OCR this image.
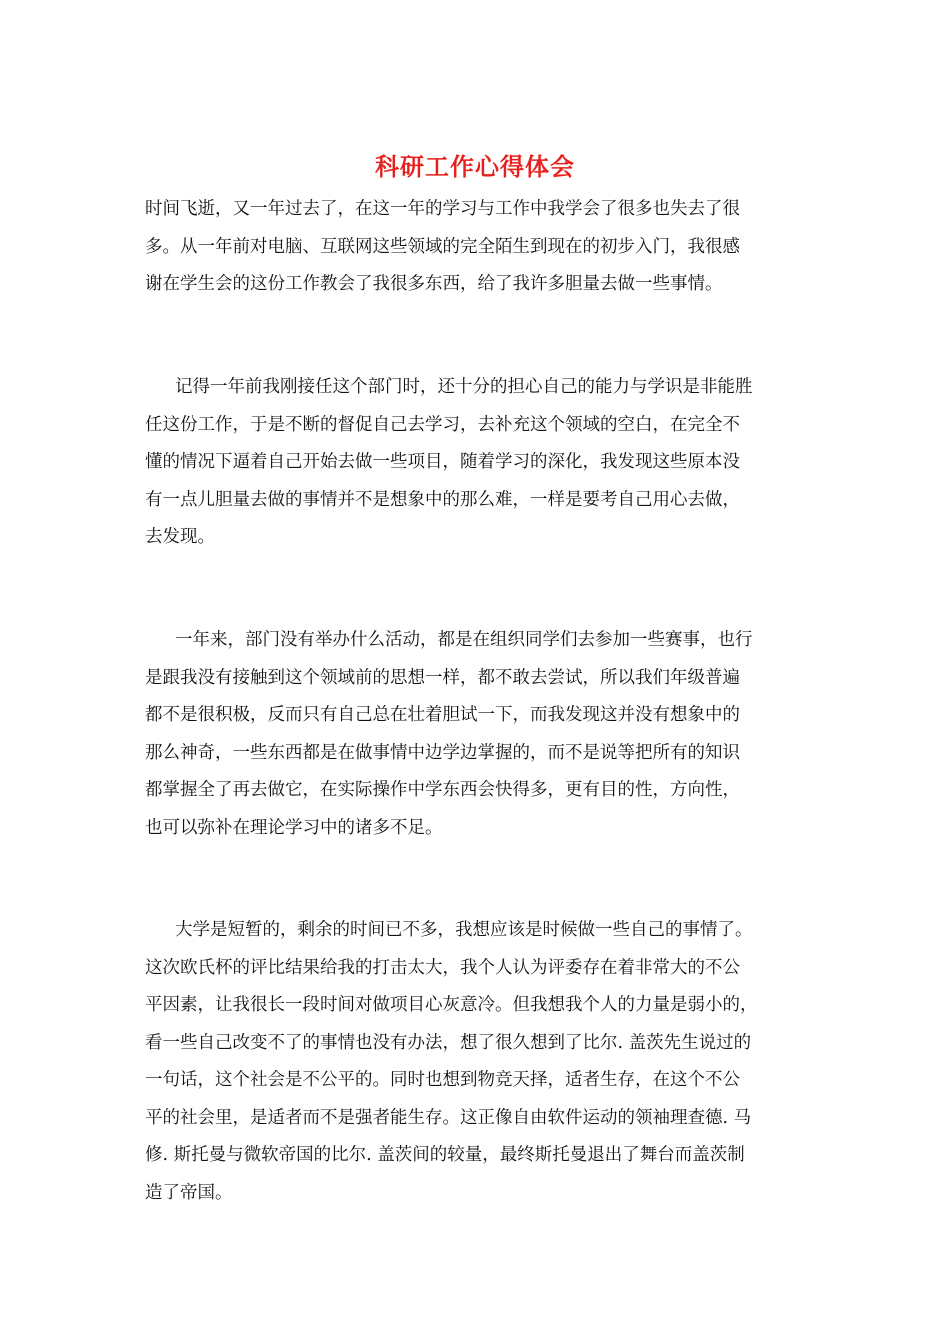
科研工作心得体会
时间飞逝，又一年过去了，在这一年的学习与工作中我学会了很多也失去了很
多。从一年前对电脑、互联网这些领域的完全陌生到现在的初步入门，我很感
谢在学生会的这份工作教会了我很多东西，给了我许多胆量去做一些事情。
记得一年前我刚接任这个部门时，还十分的担心自己的能力与学识是非能胜
任这份工作，于是不断的督促自己去学习，去补充这个领域的空白，在完全不
懂的情况下逼着自己开始去做一些项目，随着学习的深化，我发现这些原本没
有一点儿胆量去做的事情并不是想象中的那么难，一样是要考自己用心去做，
去发现。
一年来，部门没有举办什么活动，都是在组织同学们去参加一些赛事，也行
是跟我没有接触到这个领域前的思想一样，都不敢去尝试，所以我们年级普遍
都不是很积极，反而只有自己总在壮着胆试一下，而我发现这并没有想象中的
那么神奇，一些东西都是在做事情中边学边掌握的，而不是说等把所有的知识
都掌握全了再去做它，在实际操作中学东西会快得多，更有目的性，方向性，
也可以弥补在理论学习中的诸多不足。
大学是短暂的，剩余的时间已不多，我想应该是时候做一些自己的事情了。
这次欧氏杯的评比结果给我的打击太大，我个人认为评委存在着非常大的不公
平因素，让我很长一段时间对做项目心灰意冷。但我想我个人的力量是弱小的，
看一些自己改变不了的事情也没有办法，想了很久想到了比尔. 盖茨先生说过的
一句话，这个社会是不公平的。同时也想到物竞天择，适者生存，在这个不公
平的社会里，是适者而不是强者能生存。这正像自由软件运动的领袖理查德. 马
修. 斯托曼与微软帝国的比尔. 盖茨间的较量，最终斯托曼退出了舞台而盖茨制
造了帝国。
